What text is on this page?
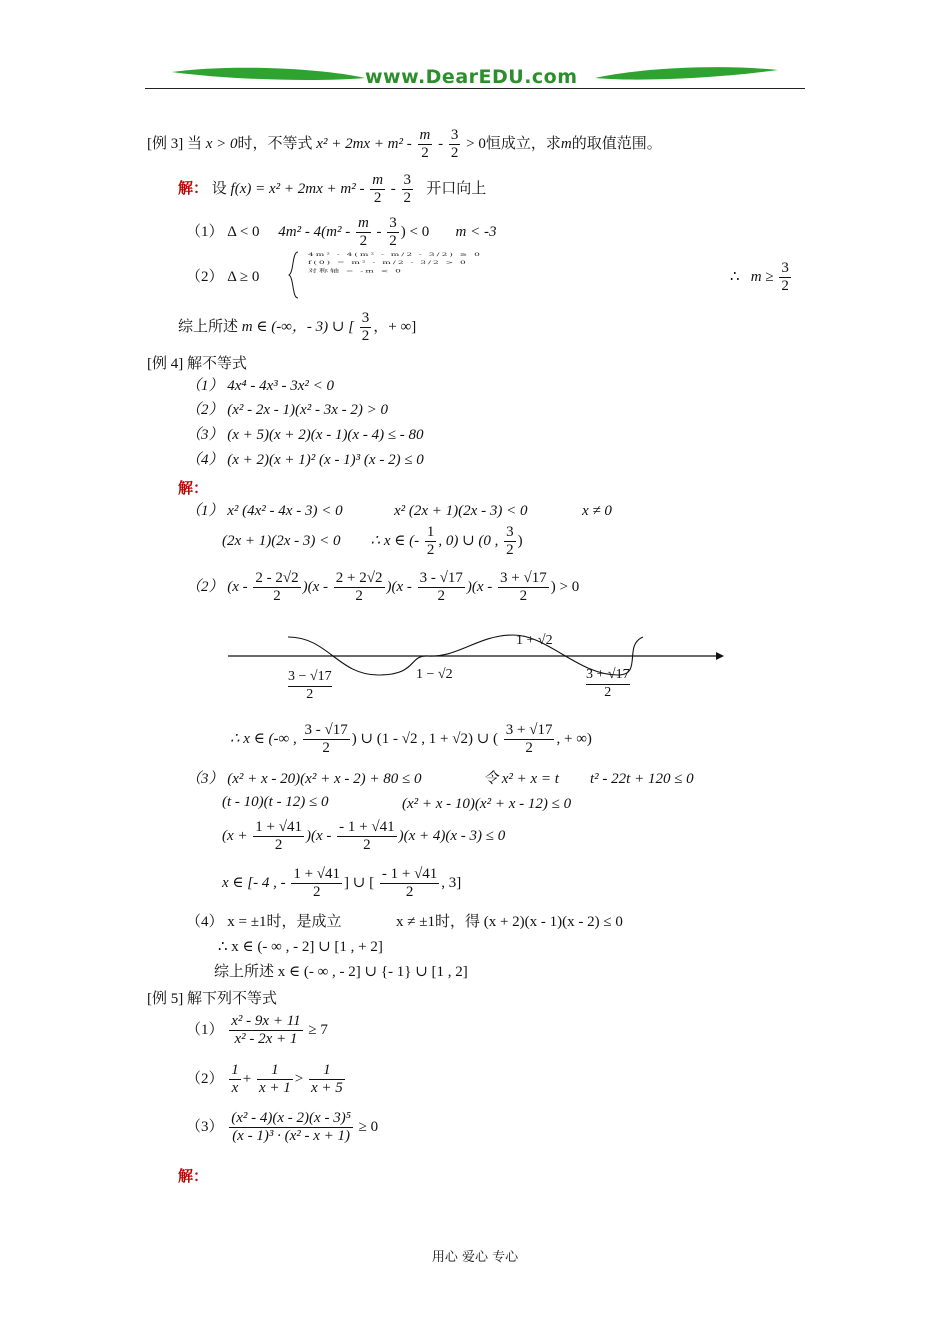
www.DearEDU.com
[例 3] 当 x > 0时，不等式 $x^2 + 2mx + m^2 - \frac{m}{2} - \frac{3}{2} > 0$恒成立，求m的取值范围。
解： 设 $f(x) = x^2 + 2mx + m^2 - \frac{m}{2} - \frac{3}{2}$ 开口向上
（1） Δ < 0 $4m^2 - 4(m^2 - \frac{m}{2} - \frac{3}{2}$ ) < 0 m < -3
（2） Δ ≥ 0
4m² - 4(m² - m/2 - 3/2) ≥ 0
f(0) = m² - m/2 - 3/2 > 0
对称轴 = -m < 0	∴ $m \ge \frac{3}{2}$
综上所述 m ∈ (-∞，- 3) ∪ [ $\frac{3}{2}$ ，+ ∞]
[例 4] 解不等式
（1） 4x⁴ - 4x³ - 3x² < 0
（2） (x² - 2x - 1)(x² - 3x - 2) > 0
（3） (x + 5)(x + 2)(x - 1)(x - 4) ≤ - 80
（4） (x + 2)(x + 1)² (x - 1)³ (x - 2) ≤ 0
解：
（1） x² (4x² - 4x - 3) < 0	x² (2x + 1)(2x - 3) < 0	x ≠ 0
(2x + 1)(2x - 3) < 0 ∴ x ∈ (- $\frac{1}{2}$ , 0) ∪ (0 , $\frac{3}{2}$ )
（2） $(x - \frac{2 - 2√2}{2} )(x - \frac{2 + 2√2}{2} )(x - \frac{3 - √17}{2} )(x - \frac{3 + √17}{2}$ ) > 0
1 + √2
1 − √2
3 − √17
2
3 + √17
2
∴ x ∈ (-∞ , $\frac{3 - √17}{2}$ ) ∪ (1 - √2 , 1 + √2) ∪ ( $\frac{3 + √17}{2}$ , + ∞)
（3） (x² + x - 20)(x² + x - 2) + 80 ≤ 0	令 x² + x = t t² - 22t + 120 ≤ 0
(t - 10)(t - 12) ≤ 0	(x² + x - 10)(x² + x - 12) ≤ 0
$(x + \frac{1 + √41}{2} )(x - \frac{- 1 + √41}{2} )(x + 4)(x - 3) \le 0$
x ∈ [- 4 , - $\frac{1 + √41}{2}$ ] ∪ [ $\frac{- 1 + √41}{2}$ , 3]
（4） x = ±1时，是成立	x ≠ ±1时，得 (x + 2)(x - 1)(x - 2) ≤ 0
∴ x ∈ (- ∞ , - 2] ∪ [1 , + 2]
综上所述 x ∈ (- ∞ , - 2] ∪ {- 1} ∪ [1 , 2]
[例 5] 解下列不等式
$(1) \frac{\text{x² - 9x + 11}}{\text{x² - 2x + 1}} \ge 7$
$(2) \frac{1}{x} + \frac{1}{x + 1} > \frac{1}{x + 5}$
$(3) \frac{\text{(x² - 4)(x - 2)(x - 3)⁵}}{\text{(x - 1)³ · (x² - x + 1)}} \ge 0$
解：
用心 爱心 专心
